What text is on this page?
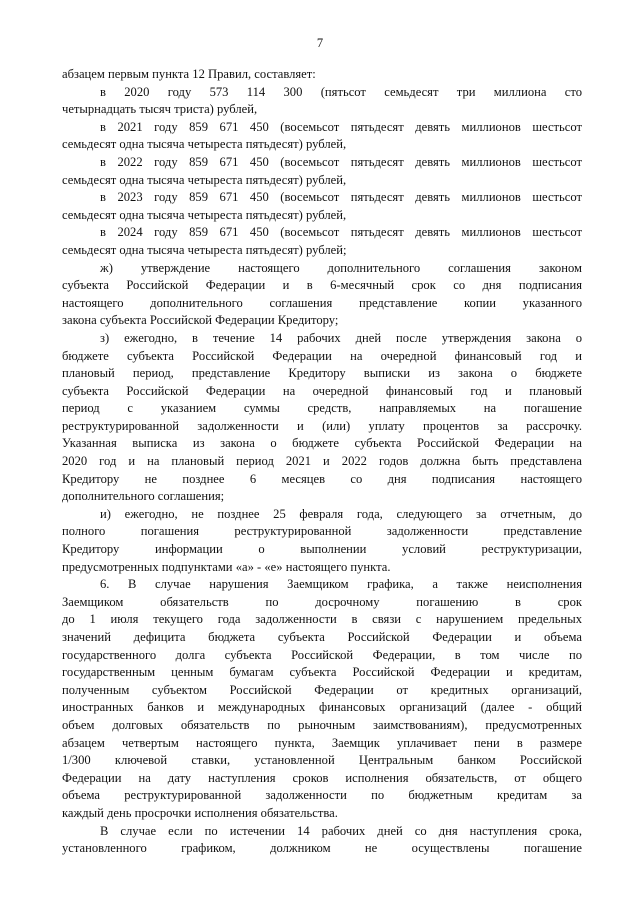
7
абзацем первым пункта 12 Правил, составляет:
в 2020 году 573 114 300 (пятьсот семьдесят три миллиона сто
четырнадцать тысяч триста) рублей,
в 2021 году 859 671 450 (восемьсот пятьдесят девять миллионов шестьсот
семьдесят одна тысяча четыреста пятьдесят) рублей,
в 2022 году 859 671 450 (восемьсот пятьдесят девять миллионов шестьсот
семьдесят одна тысяча четыреста пятьдесят) рублей,
в 2023 году 859 671 450 (восемьсот пятьдесят девять миллионов шестьсот
семьдесят одна тысяча четыреста пятьдесят) рублей,
в 2024 году 859 671 450 (восемьсот пятьдесят девять миллионов шестьсот
семьдесят одна тысяча четыреста пятьдесят) рублей;
ж) утверждение настоящего дополнительного соглашения законом
субъекта Российской Федерации и в 6-месячный срок со дня подписания
настоящего дополнительного соглашения представление копии указанного
закона субъекта Российской Федерации Кредитору;
з) ежегодно, в течение 14 рабочих дней после утверждения закона о
бюджете субъекта Российской Федерации на очередной финансовый год и
плановый период, представление Кредитору выписки из закона о бюджете
субъекта Российской Федерации на очередной финансовый год и плановый
период с указанием суммы средств, направляемых на погашение
реструктурированной задолженности и (или) уплату процентов за рассрочку.
Указанная выписка из закона о бюджете субъекта Российской Федерации на
2020 год и на плановый период 2021 и 2022 годов должна быть представлена
Кредитору не позднее 6 месяцев со дня подписания настоящего
дополнительного соглашения;
и) ежегодно, не позднее 25 февраля года, следующего за отчетным, до
полного погашения реструктурированной задолженности представление
Кредитору информации о выполнении условий реструктуризации,
предусмотренных подпунктами «а» - «е» настоящего пункта.
6. В случае нарушения Заемщиком графика, а также неисполнения
Заемщиком обязательств по досрочному погашению в срок
до 1 июля текущего года задолженности в связи с нарушением предельных
значений дефицита бюджета субъекта Российской Федерации и объема
государственного долга субъекта Российской Федерации, в том числе по
государственным ценным бумагам субъекта Российской Федерации и кредитам,
полученным субъектом Российской Федерации от кредитных организаций,
иностранных банков и международных финансовых организаций (далее - общий
объем долговых обязательств по рыночным заимствованиям), предусмотренных
абзацем четвертым настоящего пункта, Заемщик уплачивает пени в размере
1/300 ключевой ставки, установленной Центральным банком Российской
Федерации на дату наступления сроков исполнения обязательств, от общего
объема реструктурированной задолженности по бюджетным кредитам за
каждый день просрочки исполнения обязательства.
В случае если по истечении 14 рабочих дней со дня наступления срока,
установленного графиком, должником не осуществлены погашение
